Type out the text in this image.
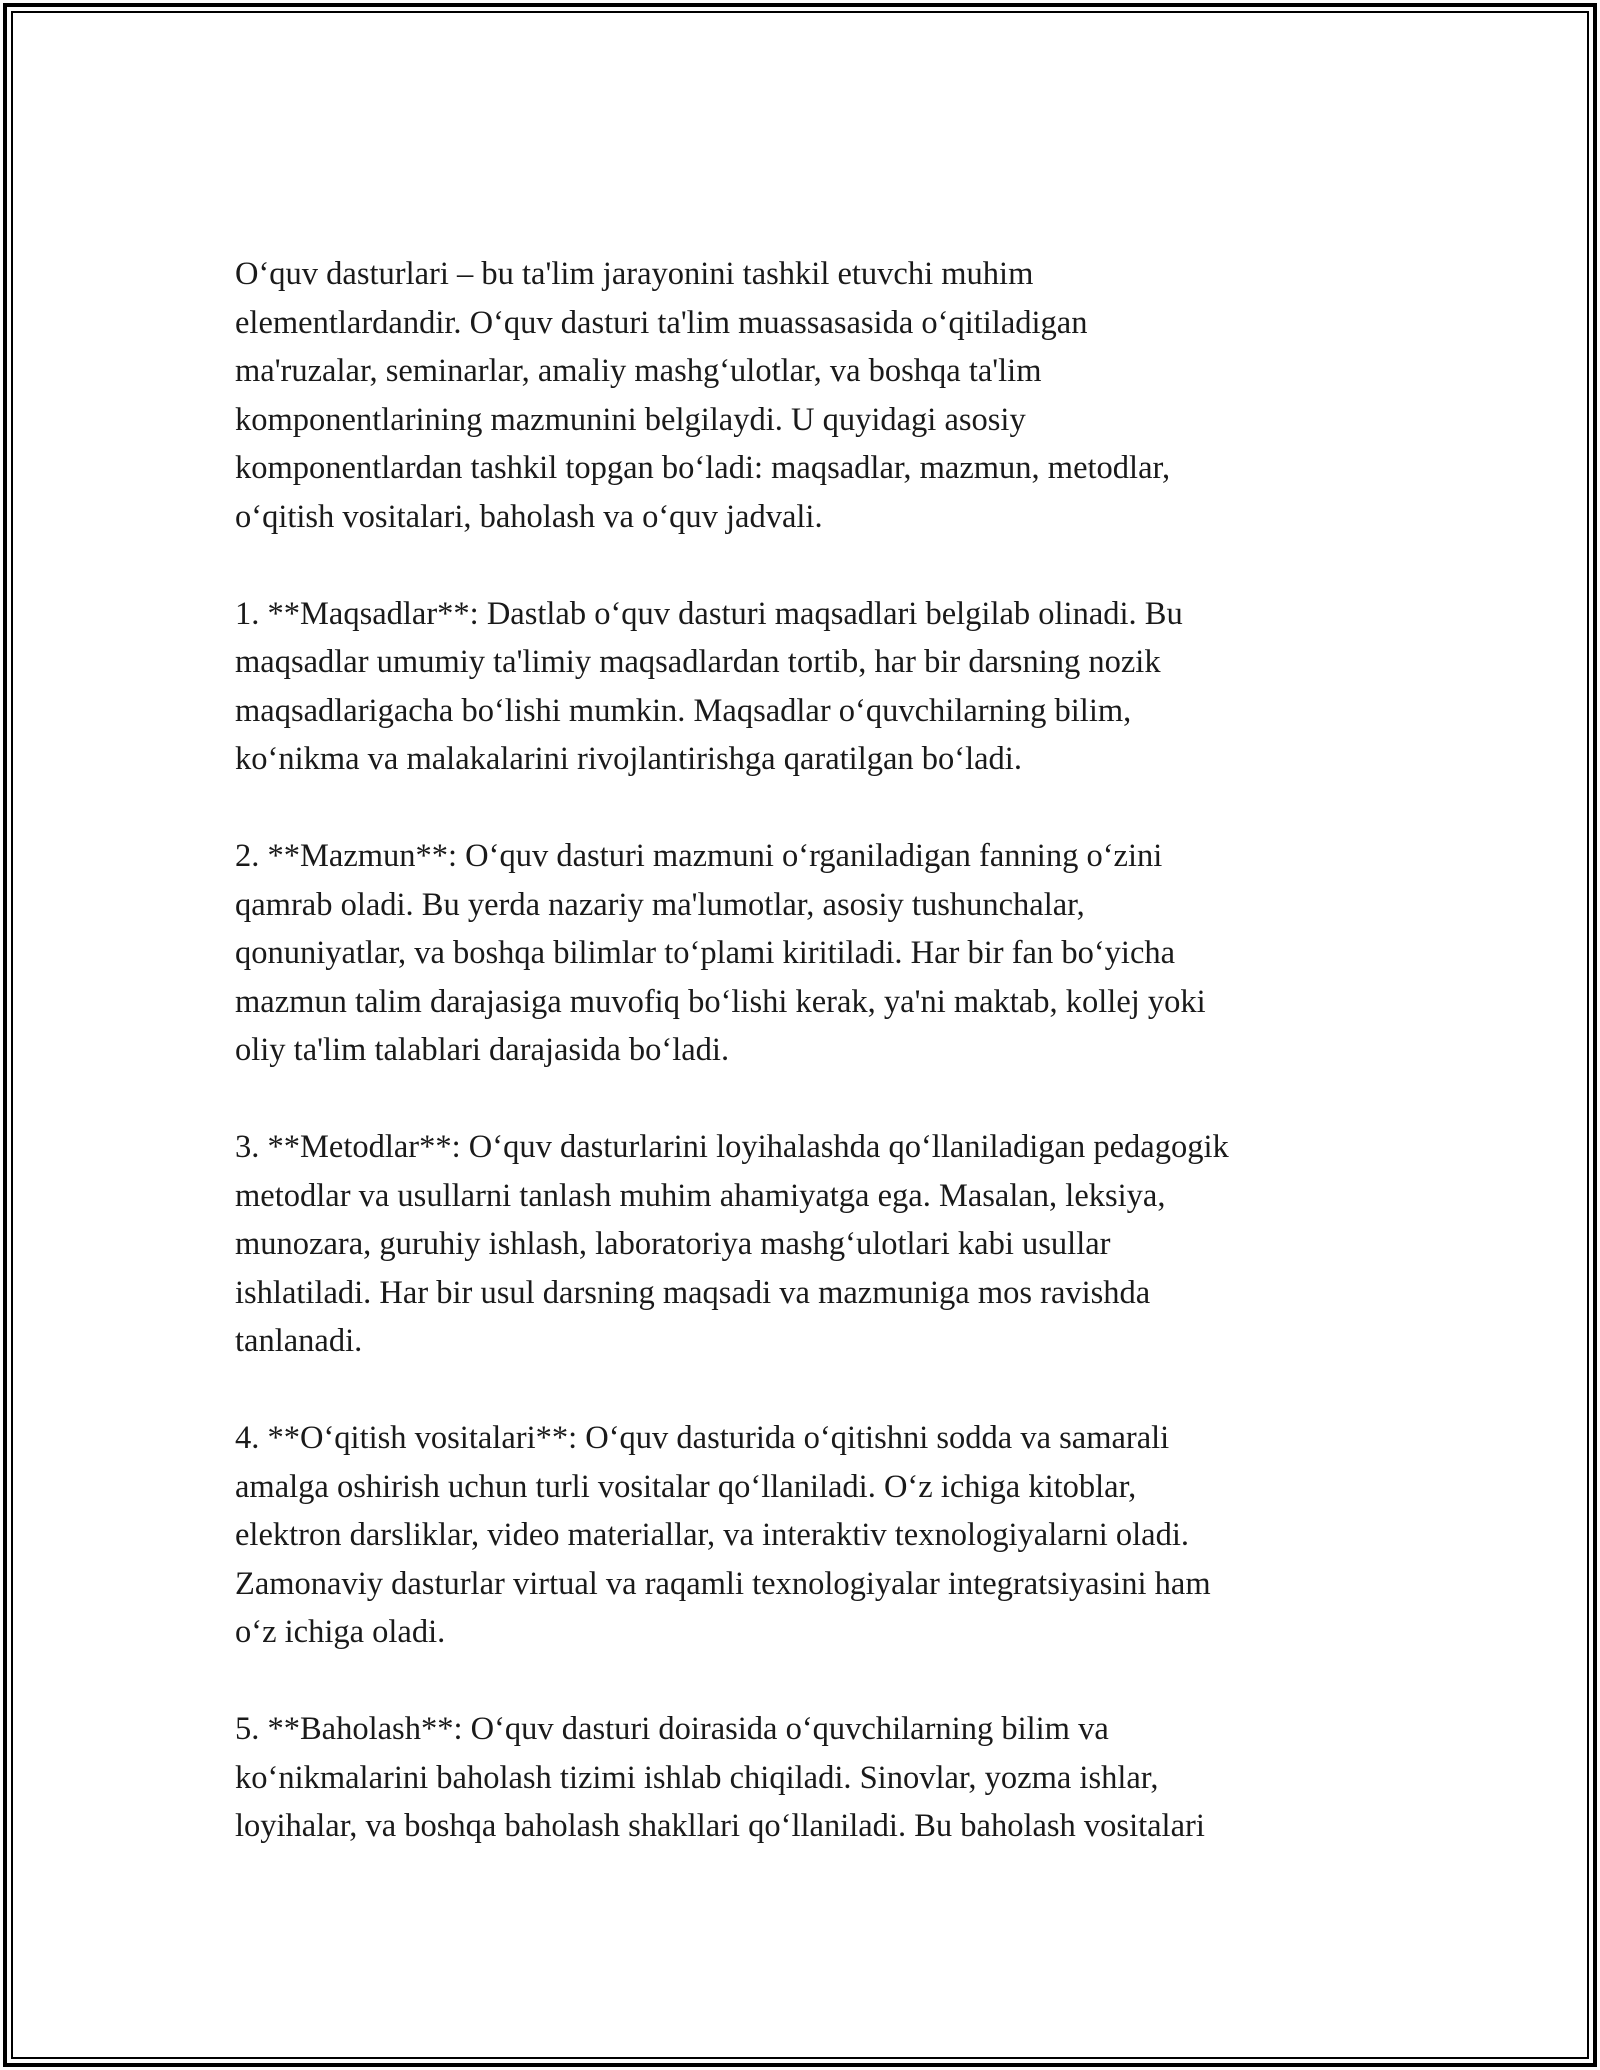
O‘quv dasturlari – bu ta'lim jarayonini tashkil etuvchi muhim
elementlardandir. O‘quv dasturi ta'lim muassasasida o‘qitiladigan
ma'ruzalar, seminarlar, amaliy mashg‘ulotlar, va boshqa ta'lim
komponentlarining mazmunini belgilaydi. U quyidagi asosiy
komponentlardan tashkil topgan bo‘ladi: maqsadlar, mazmun, metodlar,
o‘qitish vositalari, baholash va o‘quv jadvali.

1. **Maqsadlar**: Dastlab o‘quv dasturi maqsadlari belgilab olinadi. Bu
maqsadlar umumiy ta'limiy maqsadlardan tortib, har bir darsning nozik
maqsadlarigacha bo‘lishi mumkin. Maqsadlar o‘quvchilarning bilim,
ko‘nikma va malakalarini rivojlantirishga qaratilgan bo‘ladi.

2. **Mazmun**: O‘quv dasturi mazmuni o‘rganiladigan fanning o‘zini
qamrab oladi. Bu yerda nazariy ma'lumotlar, asosiy tushunchalar,
qonuniyatlar, va boshqa bilimlar to‘plami kiritiladi. Har bir fan bo‘yicha
mazmun talim darajasiga muvofiq bo‘lishi kerak, ya'ni maktab, kollej yoki
oliy ta'lim talablari darajasida bo‘ladi.

3. **Metodlar**: O‘quv dasturlarini loyihalashda qo‘llaniladigan pedagogik
metodlar va usullarni tanlash muhim ahamiyatga ega. Masalan, leksiya,
munozara, guruhiy ishlash, laboratoriya mashg‘ulotlari kabi usullar
ishlatiladi. Har bir usul darsning maqsadi va mazmuniga mos ravishda
tanlanadi.

4. **O‘qitish vositalari**: O‘quv dasturida o‘qitishni sodda va samarali
amalga oshirish uchun turli vositalar qo‘llaniladi. O‘z ichiga kitoblar,
elektron darsliklar, video materiallar, va interaktiv texnologiyalarni oladi.
Zamonaviy dasturlar virtual va raqamli texnologiyalar integratsiyasini ham
o‘z ichiga oladi.

5. **Baholash**: O‘quv dasturi doirasida o‘quvchilarning bilim va
ko‘nikmalarini baholash tizimi ishlab chiqiladi. Sinovlar, yozma ishlar,
loyihalar, va boshqa baholash shakllari qo‘llaniladi. Bu baholash vositalari
